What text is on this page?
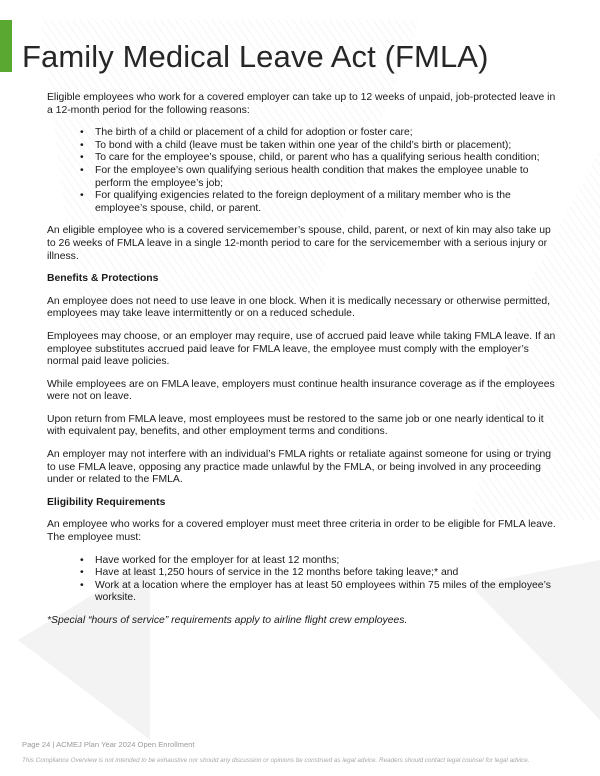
Family Medical Leave Act (FMLA)

Eligible employees who work for a covered employer can take up to 12 weeks of unpaid, job-protected leave in a 12-month period for the following reasons:

• The birth of a child or placement of a child for adoption or foster care;
• To bond with a child (leave must be taken within one year of the child’s birth or placement);
• To care for the employee’s spouse, child, or parent who has a qualifying serious health condition;
• For the employee’s own qualifying serious health condition that makes the employee unable to perform the employee’s job;
• For qualifying exigencies related to the foreign deployment of a military member who is the employee’s spouse, child, or parent.

An eligible employee who is a covered servicemember’s spouse, child, parent, or next of kin may also take up to 26 weeks of FMLA leave in a single 12-month period to care for the servicemember with a serious injury or illness.

Benefits & Protections

An employee does not need to use leave in one block. When it is medically necessary or otherwise permitted, employees may take leave intermittently or on a reduced schedule.

Employees may choose, or an employer may require, use of accrued paid leave while taking FMLA leave. If an employee substitutes accrued paid leave for FMLA leave, the employee must comply with the employer’s normal paid leave policies.

While employees are on FMLA leave, employers must continue health insurance coverage as if the employees were not on leave.

Upon return from FMLA leave, most employees must be restored to the same job or one nearly identical to it with equivalent pay, benefits, and other employment terms and conditions.

An employer may not interfere with an individual’s FMLA rights or retaliate against someone for using or trying to use FMLA leave, opposing any practice made unlawful by the FMLA, or being involved in any proceeding under or related to the FMLA.

Eligibility Requirements

An employee who works for a covered employer must meet three criteria in order to be eligible for FMLA leave. The employee must:

• Have worked for the employer for at least 12 months;
• Have at least 1,250 hours of service in the 12 months before taking leave;* and
• Work at a location where the employer has at least 50 employees within 75 miles of the employee’s worksite.

*Special “hours of service” requirements apply to airline flight crew employees.

Page 24 | ACMEJ Plan Year 2024 Open Enrollment
This Compliance Overview is not intended to be exhaustive nor should any discussion or opinions be construed as legal advice. Readers should contact legal counsel for legal advice.
